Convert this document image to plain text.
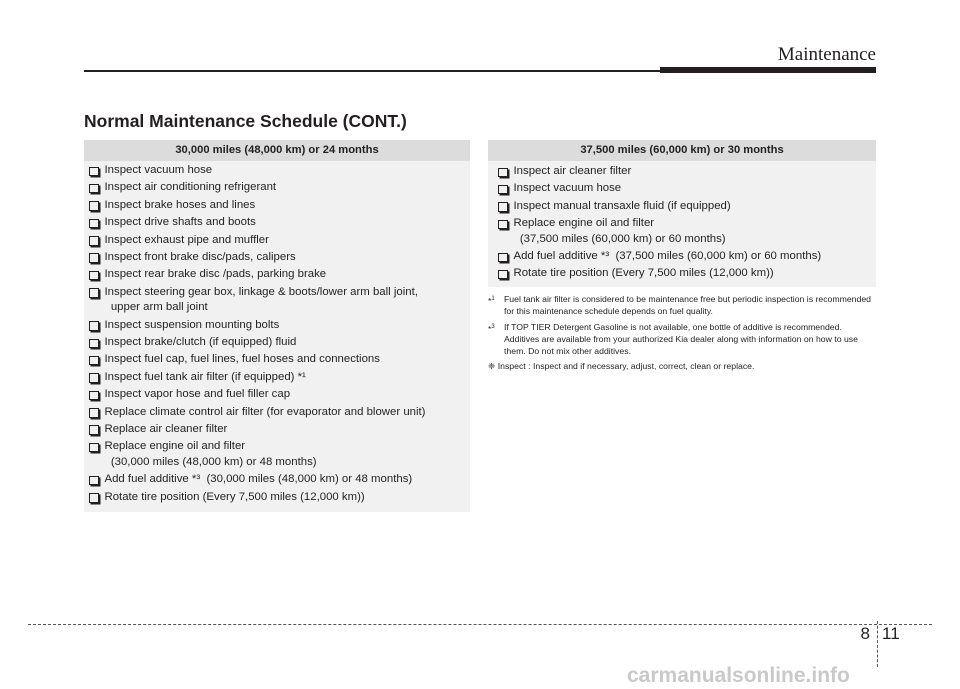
Maintenance
Normal Maintenance Schedule (CONT.)
30,000 miles (48,000 km) or 24 months
Inspect vacuum hose
Inspect air conditioning refrigerant
Inspect brake hoses and lines
Inspect drive shafts and boots
Inspect exhaust pipe and muffler
Inspect front brake disc/pads, calipers
Inspect rear brake disc /pads, parking brake
Inspect steering gear box, linkage & boots/lower arm ball joint,
upper arm ball joint
Inspect suspension mounting bolts
Inspect brake/clutch (if equipped) fluid
Inspect fuel cap, fuel lines, fuel hoses and connections
Inspect fuel tank air filter (if equipped) *¹
Inspect vapor hose and fuel filler cap
Replace climate control air filter (for evaporator and blower unit)
Replace air cleaner filter
Replace engine oil and filter
(30,000 miles (48,000 km) or 48 months)
Add fuel additive *³  (30,000 miles (48,000 km) or 48 months)
Rotate tire position (Every 7,500 miles (12,000 km))
37,500 miles (60,000 km) or 30 months
Inspect air cleaner filter
Inspect vacuum hose
Inspect manual transaxle fluid (if equipped)
Replace engine oil and filter
(37,500 miles (60,000 km) or 60 months)
Add fuel additive *³  (37,500 miles (60,000 km) or 60 months)
Rotate tire position (Every 7,500 miles (12,000 km))
*$^1$	Fuel tank air filter is considered to be maintenance free but periodic inspection is recommended for this maintenance schedule depends on fuel quality.
*$^3$	If TOP TIER Detergent Gasoline is not available, one bottle of additive is recommended. Additives are available from your authorized Kia dealer along with information on how to use them. Do not mix other additives.
❈ Inspect : Inspect and if necessary, adjust, correct, clean or replace.
8 11
carmanualsonline.info
